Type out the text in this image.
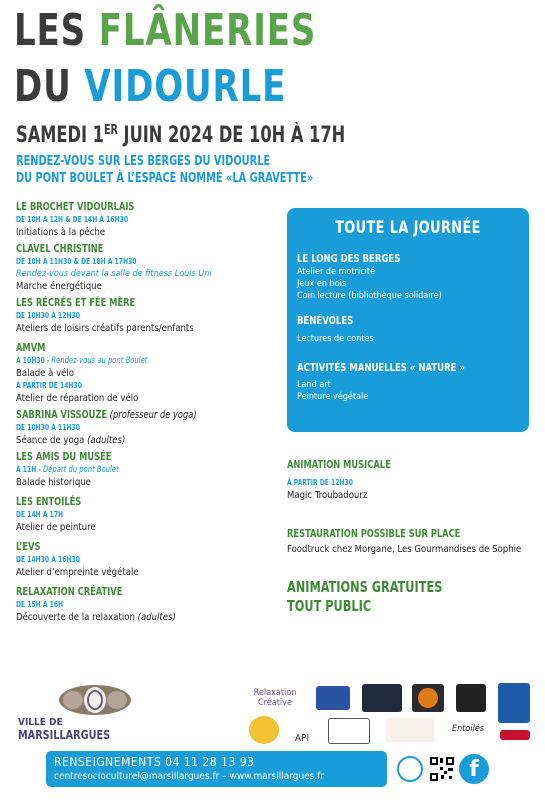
LES FLÂNERIES
DU VIDOURLE
SAMEDI 1ER JUIN 2024 DE 10H À 17H
RENDEZ-VOUS SUR LES BERGES DU VIDOURLE
DU PONT BOULET À L’ESPACE NOMMÉ «LA GRAVETTE»
LE BROCHET VIDOURLAIS
DE 10H À 12H & DE 14H À 16H30
Initiations à la pêche
CLAVEL CHRISTINE
DE 10H À 11H30 & DE 18H À 17H30
Rendez-vous devant la salle de fitness Louis Uni
Marche énergétique
LES RÉCRÉS ET FÉE MÈRE
DE 10H30 À 12H30
Ateliers de loisirs créatifs parents/enfants
AMVM
À 10H30 - Rendez-vous au pont Boulet
Balade à vélo
À PARTIR DE 14H30
Atelier de réparation de vélo
SABRINA VISSOUZE (professeur de yoga)
DE 10H30 À 11H30
Séance de yoga (adultes)
LES AMIS DU MUSÉE
À 11H - Départ du pont Boulet
Balade historique
LES ENTOILÉS
DE 14H À 17H
Atelier de peinture
L’EVS
DE 14H30 À 16H30
Atelier d’empreinte végétale
RELAXATION CRÉATIVE
DE 15H À 16H
Découverte de la relaxation (adultes)
TOUTE LA JOURNÉE
LE LONG DES BERGES
Atelier de motricité
Jeux en bois
Coin lecture (bibliothèque solidaire)
BÉNÉVOLES
Lectures de contes
ACTIVITÉS MANUELLES « NATURE »
Land art
Peinture végétale
ANIMATION MUSICALE
À PARTIR DE 12H30
Magic Troubadourz
RESTAURATION POSSIBLE SUR PLACE
Foodtruck chez Morgane, Les Gourmandises de Sophie
ANIMATIONS GRATUITES
TOUT PUBLIC
VILLE DE
MARSILLARGUES
Relaxation Créative
API
Entoilés
RENSEIGNEMENTS 04 11 28 13 93
centresocioculturel@marsillargues.fr – www.marsillargues.fr	f
